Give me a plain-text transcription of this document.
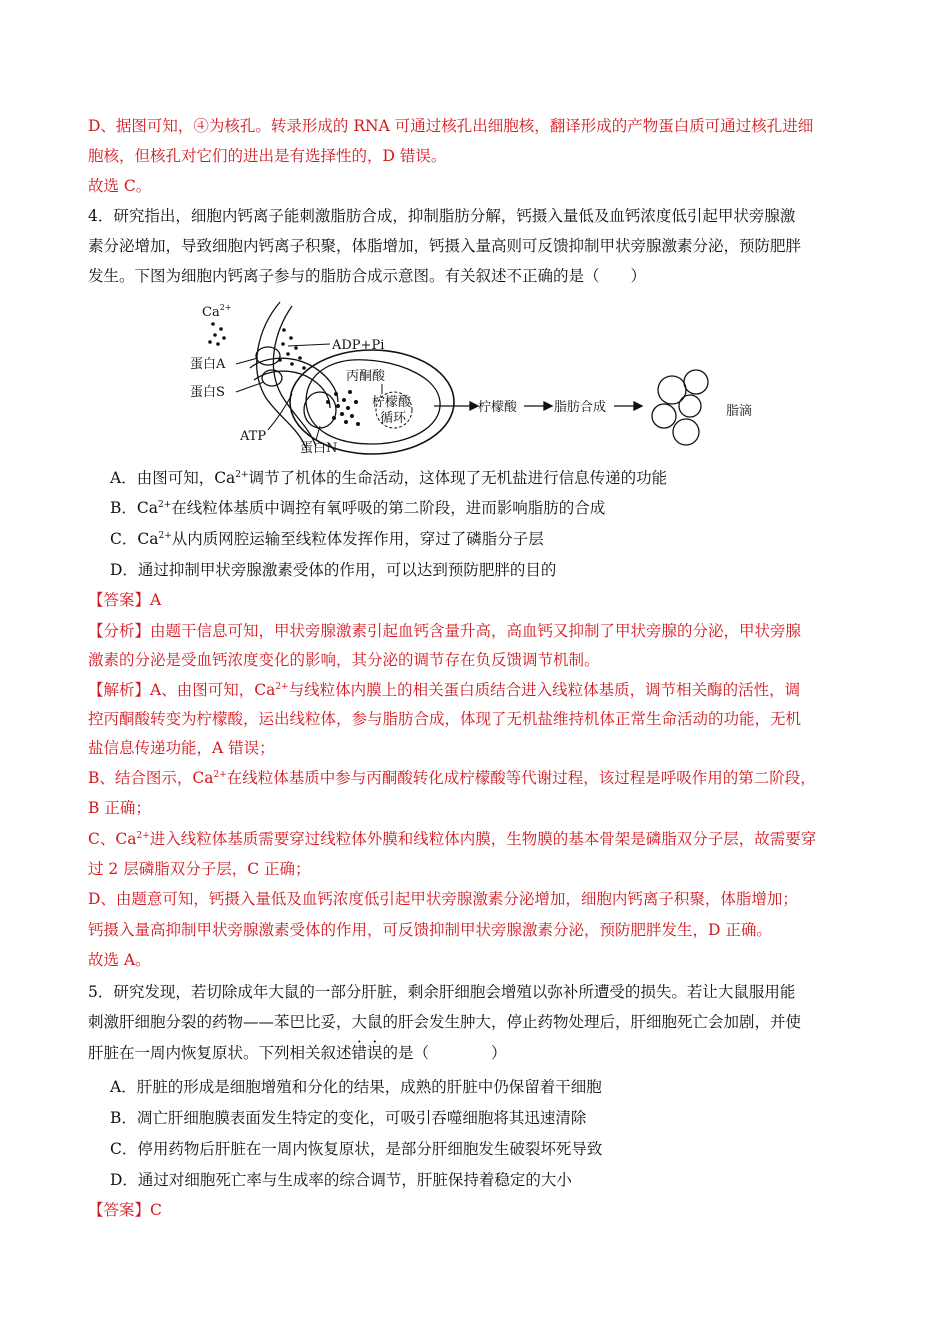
D、据图可知，④为核孔。转录形成的 RNA 可通过核孔出细胞核，翻译形成的产物蛋白质可通过核孔进细
胞核，但核孔对它们的进出是有选择性的，D 错误。
故选 C。
4．研究指出，细胞内钙离子能刺激脂肪合成，抑制脂肪分解，钙摄入量低及血钙浓度低引起甲状旁腺激
素分泌增加，导致细胞内钙离子积聚，体脂增加，钙摄入量高则可反馈抑制甲状旁腺激素分泌，预防肥胖
发生。下图为细胞内钙离子参与的脂肪合成示意图。有关叙述不正确的是（　　）
$Ca^{2+}$
蛋白A
蛋白S
ATP
ADP+Pi
丙酮酸
柠檬酸
循环
蛋白N
柠檬酸	脂肪合成	脂滴
A．由图可知，$Ca^{2+}$调节了机体的生命活动，这体现了无机盐进行信息传递的功能
B．$Ca^{2+}$在线粒体基质中调控有氧呼吸的第二阶段，进而影响脂肪的合成
C．$Ca^{2+}$从内质网腔运输至线粒体发挥作用，穿过了磷脂分子层
D．通过抑制甲状旁腺激素受体的作用，可以达到预防肥胖的目的
【答案】A
【分析】由题干信息可知，甲状旁腺激素引起血钙含量升高，高血钙又抑制了甲状旁腺的分泌，甲状旁腺
激素的分泌是受血钙浓度变化的影响，其分泌的调节存在负反馈调节机制。
【解析】A、由图可知，$Ca^{2+}$与线粒体内膜上的相关蛋白质结合进入线粒体基质，调节相关酶的活性，调
控丙酮酸转变为柠檬酸，运出线粒体，参与脂肪合成，体现了无机盐维持机体正常生命活动的功能，无机
盐信息传递功能，A 错误；
B、结合图示，$Ca^{2+}$在线粒体基质中参与丙酮酸转化成柠檬酸等代谢过程，该过程是呼吸作用的第二阶段，
B 正确；
C、$Ca^{2+}$进入线粒体基质需要穿过线粒体外膜和线粒体内膜，生物膜的基本骨架是磷脂双分子层，故需要穿
过 2 层磷脂双分子层，C 正确；
D、由题意可知，钙摄入量低及血钙浓度低引起甲状旁腺激素分泌增加，细胞内钙离子积聚，体脂增加；
钙摄入量高抑制甲状旁腺激素受体的作用，可反馈抑制甲状旁腺激素分泌，预防肥胖发生，D 正确。
故选 A。
5．研究发现，若切除成年大鼠的一部分肝脏，剩余肝细胞会增殖以弥补所遭受的损失。若让大鼠服用能
刺激肝细胞分裂的药物——苯巴比妥，大鼠的肝会发生肿大，停止药物处理后，肝细胞死亡会加剧，并使
肝脏在一周内恢复原状。下列相关叙述错误的是（　　　　）
A．肝脏的形成是细胞增殖和分化的结果，成熟的肝脏中仍保留着干细胞
B．凋亡肝细胞膜表面发生特定的变化，可吸引吞噬细胞将其迅速清除
C．停用药物后肝脏在一周内恢复原状，是部分肝细胞发生破裂坏死导致
D．通过对细胞死亡率与生成率的综合调节，肝脏保持着稳定的大小
【答案】C
